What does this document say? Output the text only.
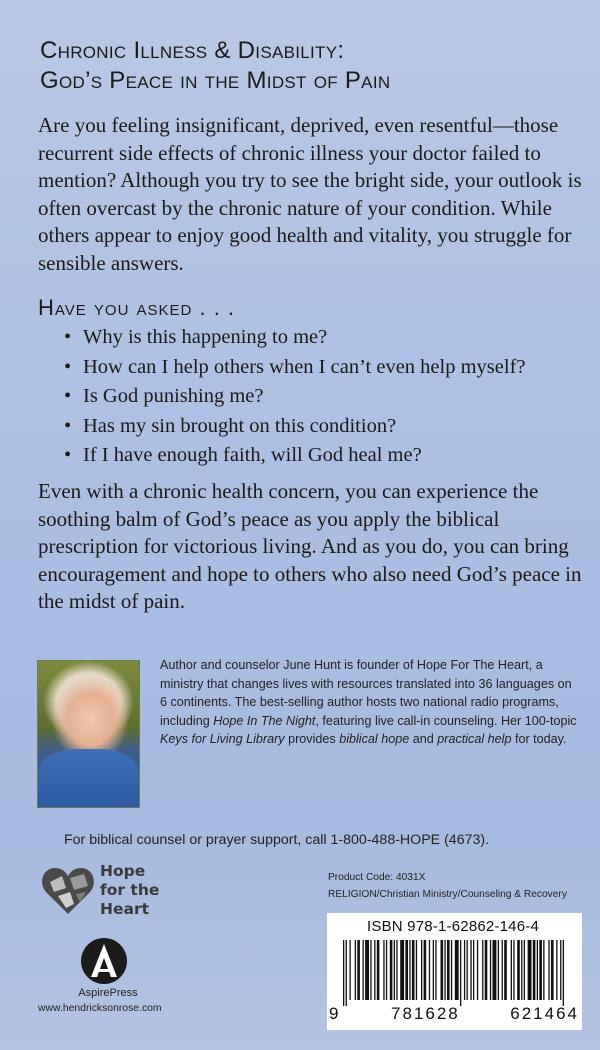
Chronic Illness & Disability:
God’s Peace in the Midst of Pain

Are you feeling insignificant, deprived, even resentful—those recurrent side effects of chronic illness your doctor failed to mention? Although you try to see the bright side, your outlook is often overcast by the chronic nature of your condition. While others appear to enjoy good health and vitality, you struggle for sensible answers.

Have you asked . . .
• Why is this happening to me?
• How can I help others when I can’t even help myself?
• Is God punishing me?
• Has my sin brought on this condition?
• If I have enough faith, will God heal me?

Even with a chronic health concern, you can experience the soothing balm of God’s peace as you apply the biblical prescription for victorious living. And as you do, you can bring encouragement and hope to others who also need God’s peace in the midst of pain.

Author and counselor June Hunt is founder of Hope For The Heart, a ministry that changes lives with resources translated into 36 languages on 6 continents. The best-selling author hosts two national radio programs, including Hope In The Night, featuring live call-in counseling. Her 100-topic Keys for Living Library provides biblical hope and practical help for today.

For biblical counsel or prayer support, call 1-800-488-HOPE (4673).
Hope
for the
Heart
AspirePress
www.hendricksonrose.com
Product Code: 4031X
RELIGION/Christian Ministry/Counseling & Recovery
ISBN 978-1-62862-146-4
9	781628	621464
